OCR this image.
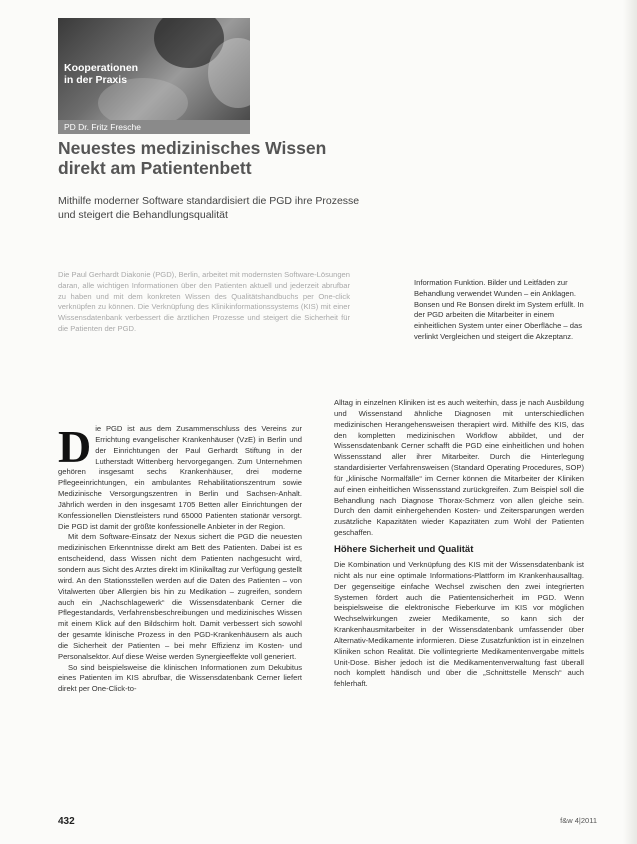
Kooperationen
in der Praxis
PD Dr. Fritz Fresche
Neuestes medizinisches Wissen
direkt am Patientenbett
Mithilfe moderner Software standardisiert die PGD ihre Prozesse
und steigert die Behandlungsqualität
Die Paul Gerhardt Diakonie (PGD), Berlin, arbeitet mit modernsten Software-Lösungen daran, alle wichtigen Informationen über den Patienten aktuell und jederzeit abrufbar zu haben und mit dem konkreten Wissen des Qualitätshandbuchs per One-click verknüpfen zu können. Die Verknüpfung des Klinikinformationssystems (KIS) mit einer Wissensdatenbank verbessert die ärztlichen Prozesse und steigert die Sicherheit für die Patienten der PGD.
Information Funktion. Bilder und Leitfäden zur Behandlung verwendet Wunden – ein Anklagen. Bonsen und Re Bonsen direkt im System erfüllt. In der PGD arbeiten die Mitarbeiter in einem einheitlichen System unter einer Oberfläche – das verlinkt Vergleichen und steigert die Akzeptanz.
D ie PGD ist aus dem Zusammenschluss des Vereins zur Errichtung evangelischer Krankenhäuser (VzE) in Berlin und der Einrichtungen der Paul Gerhardt Stiftung in der Lutherstadt Wittenberg hervorgegangen. Zum Unternehmen gehören insgesamt sechs Krankenhäuser, drei moderne Pflegeeinrichtungen, ein ambulantes Rehabilitationszentrum sowie Medizinische Versorgungszentren in Berlin und Sachsen-Anhalt. Jährlich werden in den insgesamt 1705 Betten aller Einrichtungen der Konfessionellen Dienstleisters rund 65000 Patienten stationär versorgt. Die PGD ist damit der größte konfessionelle Anbieter in der Region.

Mit dem Software-Einsatz der Nexus sichert die PGD die neuesten medizinischen Erkenntnisse direkt am Bett des Patienten. Dabei ist es entscheidend, dass Wissen nicht dem Patienten nachgesucht wird, sondern aus Sicht des Arztes direkt im Klinikalltag zur Verfügung gestellt wird. An den Stationsstellen werden auf die Daten des Patienten – von Vitalwerten über Allergien bis hin zu Medikation – zugreifen, sondern auch ein „Nachschlagewerk“ die Wissensdatenbank Cerner die Pflegestandards, Verfahrensbeschreibungen und medizinisches Wissen mit einem Klick auf den Bildschirm holt. Damit verbessert sich sowohl der gesamte klinische Prozess in den PGD-Krankenhäusern als auch die Sicherheit der Patienten – bei mehr Effizienz im Kosten- und Personalsektor. Auf diese Weise werden Synergieeffekte voll generiert.

So sind beispielsweise die klinischen Informationen zum Dekubitus eines Patienten im KIS abrufbar, die Wissensdatenbank Cerner liefert direkt per One-Click-to-

Alltag in einzelnen Kliniken ist es auch weiterhin, dass je nach Ausbildung und Wissenstand ähnliche Diagnosen mit unterschiedlichen medizinischen Herangehensweisen therapiert wird. Mithilfe des KIS, das den kompletten medizinischen Workflow abbildet, und der Wissensdatenbank Cerner schafft die PGD eine einheitlichen und hohen Wissensstand aller ihrer Mitarbeiter. Durch die Hinterlegung standardisierter Verfahrensweisen (Standard Operating Procedures, SOP) für „klinische Normalfälle“ im Cerner können die Mitarbeiter der Kliniken auf einen einheitlichen Wissensstand zurückgreifen. Zum Beispiel soll die Behandlung nach Diagnose Thorax-Schmerz von allen gleiche sein. Durch den damit einhergehenden Kosten- und Zeitersparungen werden zusätzliche Kapazitäten wieder Kapazitäten zum Wohl der Patienten geschaffen.

Höhere Sicherheit und Qualität

Die Kombination und Verknüpfung des KIS mit der Wissensdatenbank ist nicht als nur eine optimale Informations-Plattform im Krankenhausalltag. Der gegenseitige einfache Wechsel zwischen den zwei integrierten Systemen fördert auch die Patientensicherheit im PGD. Wenn beispielsweise die elektronische Fieberkurve im KIS vor möglichen Wechselwirkungen zweier Medikamente, so kann sich der Krankenhausmitarbeiter in der Wissensdatenbank umfassender über Alternativ-Medikamente informieren. Diese Zusatzfunktion ist in einzelnen Kliniken schon Realität. Die vollintegrierte Medikamentenvergabe mittels Unit-Dose. Bisher jedoch ist die Medikamentenverwaltung fast überall noch komplett händisch und über die „Schnittstelle Mensch“ auch fehlerhaft.

432	f&w 4|2011
